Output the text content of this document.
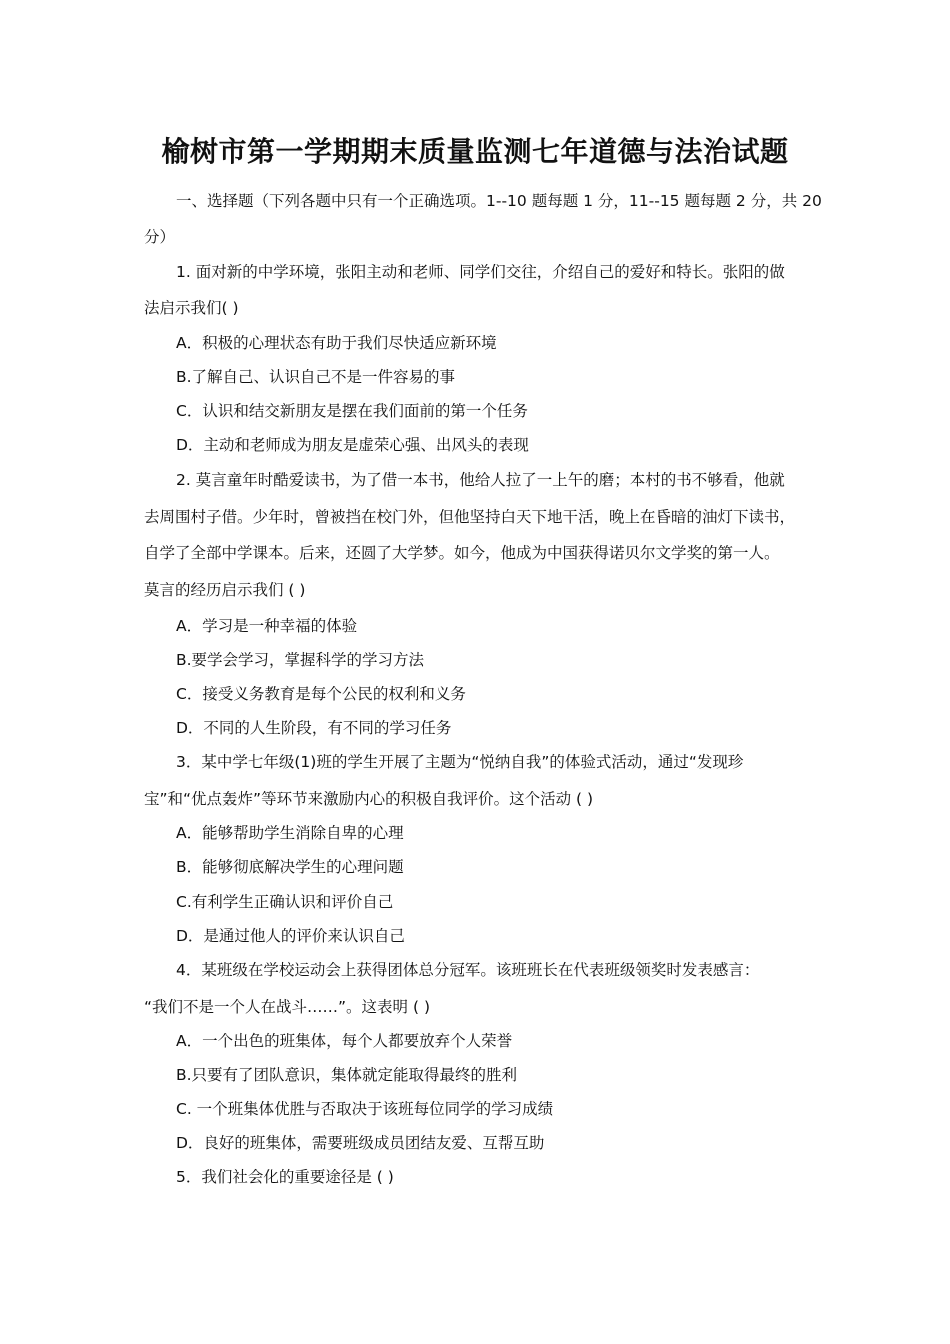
榆树市第一学期期末质量监测七年道德与法治试题

一、选择题（下列各题中只有一个正确选项。1--10 题每题 1 分，11--15 题每题 2 分，共 20

分）

1. 面对新的中学环境，张阳主动和老师、同学们交往，介绍自己的爱好和特长。张阳的做

法启示我们( )

A．积极的心理状态有助于我们尽快适应新环境

B.了解自己、认识自己不是一件容易的事

C．认识和结交新朋友是摆在我们面前的第一个任务

D．主动和老师成为朋友是虚荣心强、出风头的表现

2. 莫言童年时酷爱读书，为了借一本书，他给人拉了一上午的磨；本村的书不够看，他就

去周围村子借。少年时，曾被挡在校门外，但他坚持白天下地干活，晚上在昏暗的油灯下读书，

自学了全部中学课本。后来，还圆了大学梦。如今，他成为中国获得诺贝尔文学奖的第一人。

莫言的经历启示我们 ( )

A．学习是一种幸福的体验

B.要学会学习，掌握科学的学习方法

C．接受义务教育是每个公民的权利和义务

D．不同的人生阶段，有不同的学习任务

3．某中学七年级(1)班的学生开展了主题为“悦纳自我”的体验式活动，通过“发现珍

宝”和“优点轰炸”等环节来激励内心的积极自我评价。这个活动 ( )

A．能够帮助学生消除自卑的心理

B．能够彻底解决学生的心理问题

C.有利学生正确认识和评价自己

D．是通过他人的评价来认识自己

4．某班级在学校运动会上获得团体总分冠军。该班班长在代表班级领奖时发表感言：

“我们不是一个人在战斗……”。这表明 ( )

A．一个出色的班集体，每个人都要放弃个人荣誉

B.只要有了团队意识，集体就定能取得最终的胜利

C. 一个班集体优胜与否取决于该班每位同学的学习成绩

D．良好的班集体，需要班级成员团结友爱、互帮互助

5．我们社会化的重要途径是 ( )
